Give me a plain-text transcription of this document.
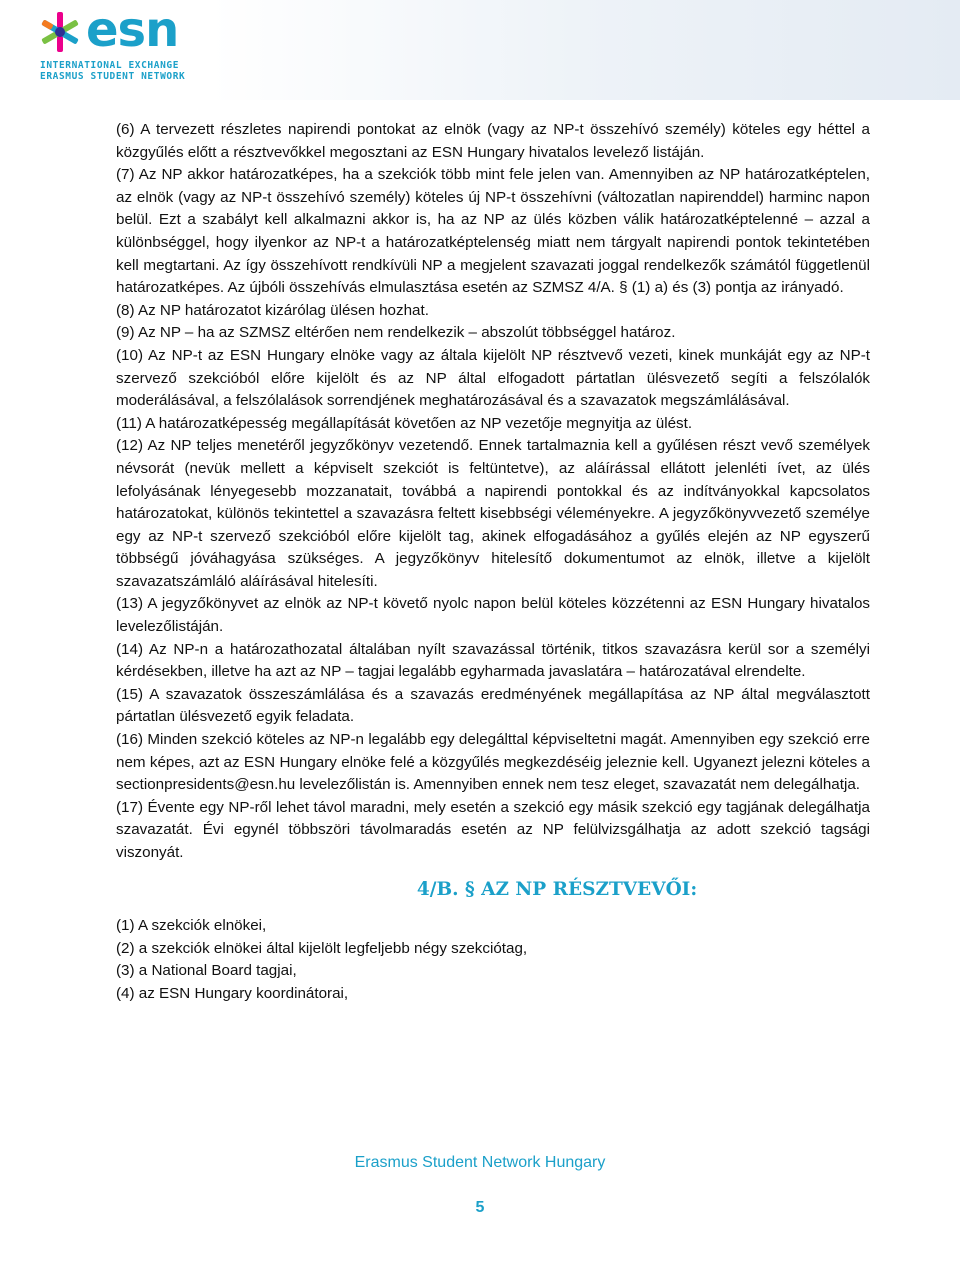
esn
INTERNATIONAL EXCHANGE
ERASMUS STUDENT NETWORK

(6) A tervezett részletes napirendi pontokat az elnök (vagy az NP-t összehívó személy) köteles egy héttel a közgyűlés előtt a résztvevőkkel megosztani az ESN Hungary hivatalos levelező listáján.

(7) Az NP akkor határozatképes, ha a szekciók több mint fele jelen van. Amennyiben az NP határozatképtelen, az elnök (vagy az NP-t összehívó személy) köteles új NP-t összehívni (változatlan napirenddel) harminc napon belül. Ezt a szabályt kell alkalmazni akkor is, ha az NP az ülés közben válik határozatképtelenné – azzal a különbséggel, hogy ilyenkor az NP-t a határozatképtelenség miatt nem tárgyalt napirendi pontok tekintetében kell megtartani. Az így összehívott rendkívüli NP a megjelent szavazati joggal rendelkezők számától függetlenül határozatképes. Az újbóli összehívás elmulasztása esetén az SZMSZ 4/A. § (1) a) és (3) pontja az irányadó.

(8) Az NP határozatot kizárólag ülésen hozhat.

(9) Az NP – ha az SZMSZ eltérően nem rendelkezik – abszolút többséggel határoz.

(10) Az NP-t az ESN Hungary elnöke vagy az általa kijelölt NP résztvevő vezeti, kinek munkáját egy az NP-t szervező szekcióból előre kijelölt és az NP által elfogadott pártatlan ülésvezető segíti a felszólalók moderálásával, a felszólalások sorrendjének meghatározásával és a szavazatok megszámlálásával.

(11) A határozatképesség megállapítását követően az NP vezetője megnyitja az ülést.

(12) Az NP teljes menetéről jegyzőkönyv vezetendő. Ennek tartalmaznia kell a gyűlésen részt vevő személyek névsorát (nevük mellett a képviselt szekciót is feltüntetve), az aláírással ellátott jelenléti ívet, az ülés lefolyásának lényegesebb mozzanatait, továbbá a napirendi pontokkal és az indítványokkal kapcsolatos határozatokat, különös tekintettel a szavazásra feltett kisebbségi véleményekre. A jegyzőkönyvvezető személye egy az NP-t szervező szekcióból előre kijelölt tag, akinek elfogadásához a gyűlés elején az NP egyszerű többségű jóváhagyása szükséges. A jegyzőkönyv hitelesítő dokumentumot az elnök, illetve a kijelölt szavazatszámláló aláírásával hitelesíti.

(13) A jegyzőkönyvet az elnök az NP-t követő nyolc napon belül köteles közzétenni az ESN Hungary hivatalos levelezőlistáján.

(14) Az NP-n a határozathozatal általában nyílt szavazással történik, titkos szavazásra kerül sor a személyi kérdésekben, illetve ha azt az NP – tagjai legalább egyharmada javaslatára – határozatával elrendelte.

(15) A szavazatok összeszámlálása és a szavazás eredményének megállapítása az NP által megválasztott pártatlan ülésvezető egyik feladata.

(16) Minden szekció köteles az NP-n legalább egy delegálttal képviseltetni magát. Amennyiben egy szekció erre nem képes, azt az ESN Hungary elnöke felé a közgyűlés megkezdéséig jeleznie kell. Ugyanezt jelezni köteles a sectionpresidents@esn.hu levelezőlistán is. Amennyiben ennek nem tesz eleget, szavazatát nem delegálhatja.

(17) Évente egy NP-ről lehet távol maradni, mely esetén a szekció egy másik szekció egy tagjának delegálhatja szavazatát. Évi egynél többszöri távolmaradás esetén az NP felülvizsgálhatja az adott szekció tagsági viszonyát.

4/B. § AZ NP RÉSZTVEVŐI:

(1) A szekciók elnökei,

(2) a szekciók elnökei által kijelölt legfeljebb négy szekciótag,

(3) a National Board tagjai,

(4) az ESN Hungary koordinátorai,

Erasmus Student Network Hungary
5
